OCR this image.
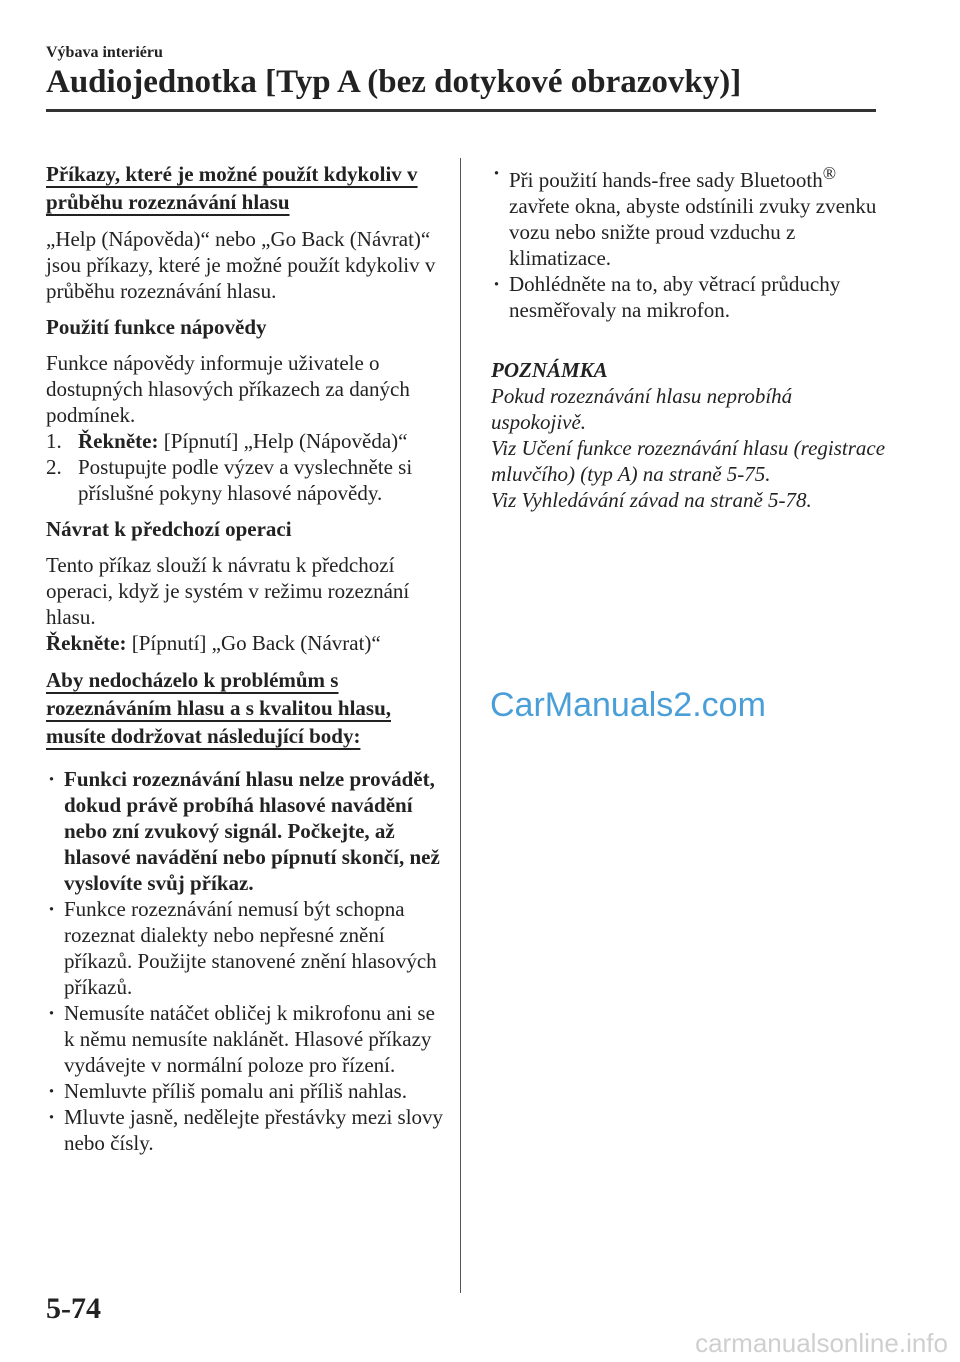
Výbava interiéru
Audiojednotka [Typ A (bez dotykové obrazovky)]
Příkazy, které je možné použít kdykoliv v průběhu rozeznávání hlasu

„Help (Nápověda)“ nebo „Go Back (Návrat)“ jsou příkazy, které je možné použít kdykoliv v průběhu rozeznávání hlasu.

Použití funkce nápovědy

Funkce nápovědy informuje uživatele o dostupných hlasových příkazech za daných podmínek.

1. Řekněte: [Pípnutí] „Help (Nápověda)“
2. Postupujte podle výzev a vyslechněte si příslušné pokyny hlasové nápovědy.
Návrat k předchozí operaci

Tento příkaz slouží k návratu k předchozí operaci, když je systém v režimu rozeznání hlasu.

Řekněte: [Pípnutí] „Go Back (Návrat)“

Aby nedocházelo k problémům s rozeznáváním hlasu a s kvalitou hlasu, musíte dodržovat následující body:
· Funkci rozeznávání hlasu nelze provádět, dokud právě probíhá hlasové navádění nebo zní zvukový signál. Počkejte, až hlasové navádění nebo pípnutí skončí, než vyslovíte svůj příkaz.
· Funkce rozeznávání nemusí být schopna rozeznat dialekty nebo nepřesné znění příkazů. Použijte stanovené znění hlasových příkazů.
· Nemusíte natáčet obličej k mikrofonu ani se k němu nemusíte naklánět. Hlasové příkazy vydávejte v normální poloze pro řízení.
· Nemluvte příliš pomalu ani příliš nahlas.
· Mluvte jasně, nedělejte přestávky mezi slovy nebo čísly.
· Při použití hands-free sady Bluetooth® zavřete okna, abyste odstínili zvuky zvenku vozu nebo snižte proud vzduchu z klimatizace.
· Dohlédněte na to, aby větrací průduchy nesměřovaly na mikrofon.
POZNÁMKA
Pokud rozeznávání hlasu neprobíhá uspokojivě.
Viz Učení funkce rozeznávání hlasu (registrace mluvčího) (typ A) na straně 5-75.
Viz Vyhledávání závad na straně 5-78.
CarManuals2.com
5-74
carmanualsonline.info
